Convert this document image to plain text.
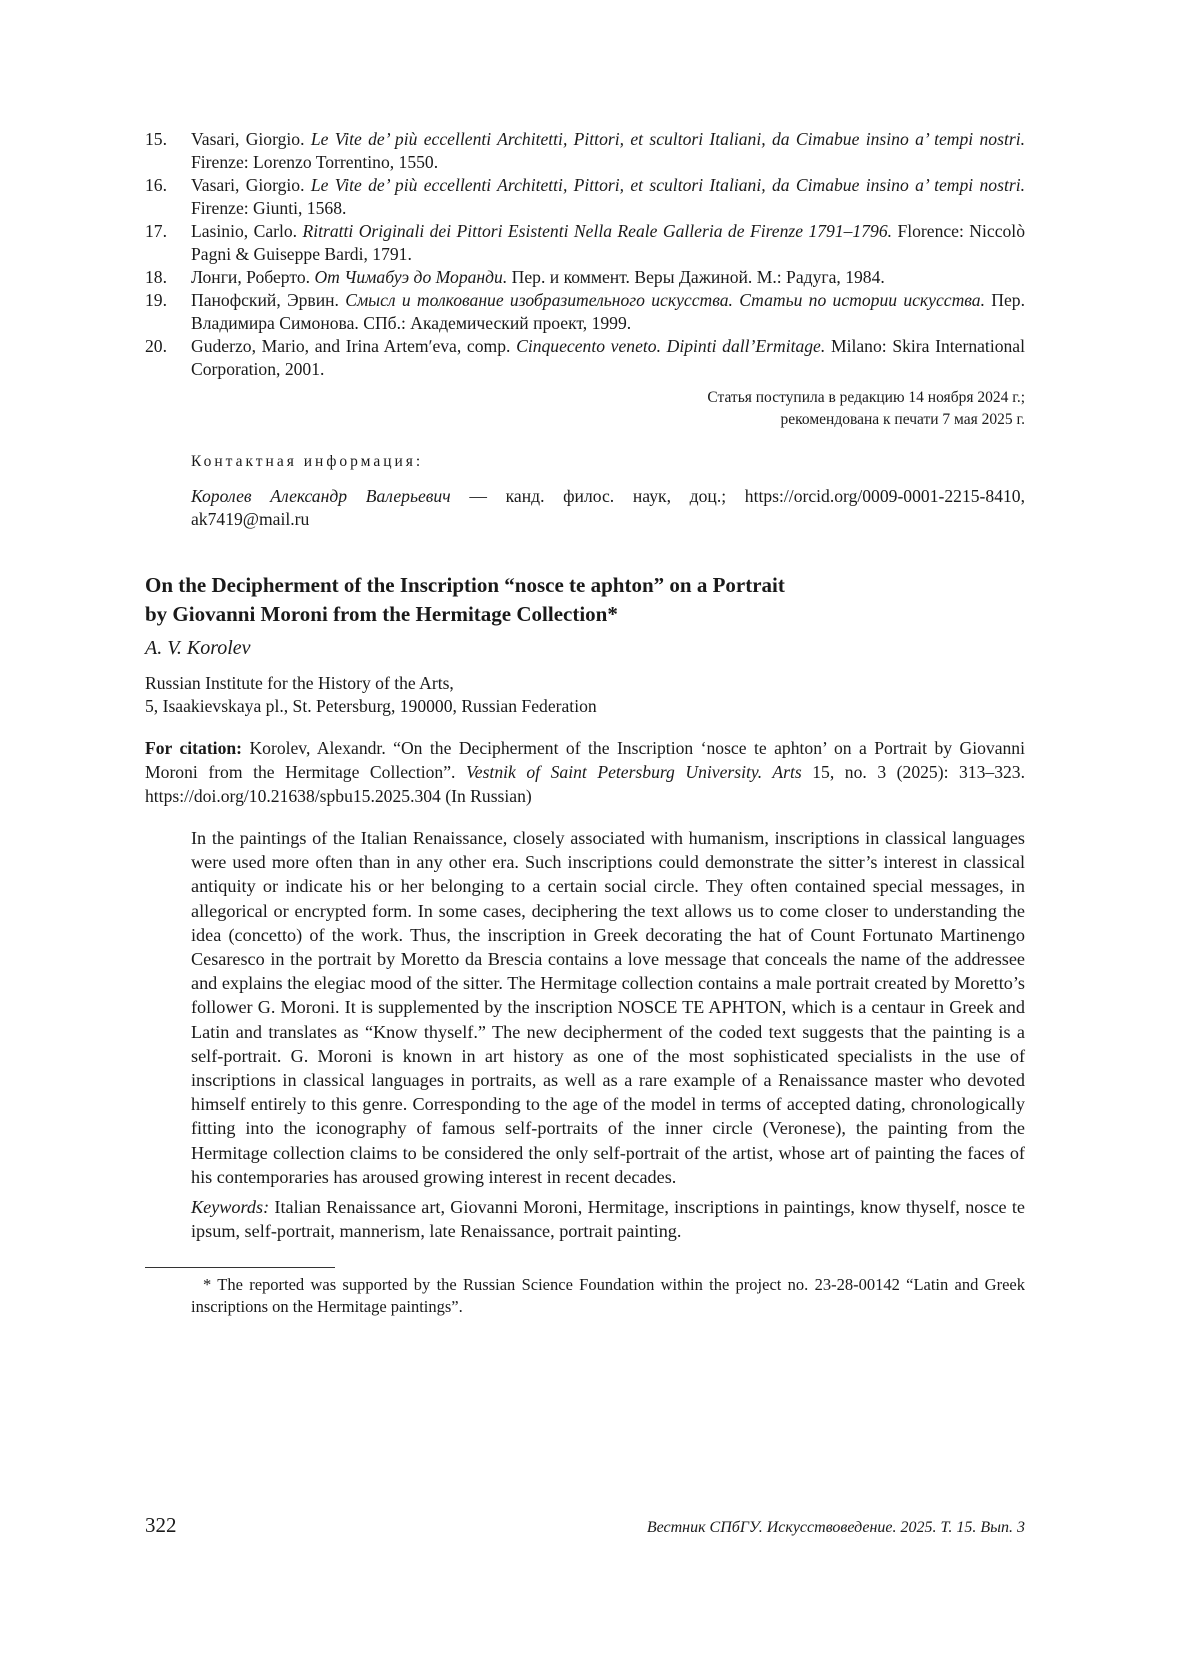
15.	Vasari, Giorgio. Le Vite de’ più eccellenti Architetti, Pittori, et scultori Italiani, da Cimabue insino a’ tempi nostri. Firenze: Lorenzo Torrentino, 1550.
16.	Vasari, Giorgio. Le Vite de’ più eccellenti Architetti, Pittori, et scultori Italiani, da Cimabue insino a’ tempi nostri. Firenze: Giunti, 1568.
17.	Lasinio, Carlo. Ritratti Originali dei Pittori Esistenti Nella Reale Galleria de Firenze 1791–1796. Florence: Niccolò Pagni & Guiseppe Bardi, 1791.
18.	Лонги, Роберто. От Чимабуэ до Моранди. Пер. и коммент. Веры Дажиной. М.: Радуга, 1984.
19.	Панофский, Эрвин. Смысл и толкование изобразительного искусства. Статьи по истории искусства. Пер. Владимира Симонова. СПб.: Академический проект, 1999.
20.	Guderzo, Mario, and Irina Artemʹeva, comp. Cinquecento veneto. Dipinti dall’Ermitage. Milano: Skira International Corporation, 2001.
Статья поступила в редакцию 14 ноября 2024 г.;
рекомендована к печати 7 мая 2025 г.
Контактная информация:
Королев Александр Валерьевич — канд. филос. наук, доц.; https://orcid.org/0009-0001-2215-8410, ak7419@mail.ru
On the Decipherment of the Inscription “nosce te aphton” on a Portrait
by Giovanni Moroni from the Hermitage Collection*
A. V. Korolev
Russian Institute for the History of the Arts,
5, Isaakievskaya pl., St. Petersburg, 190000, Russian Federation
For citation: Korolev, Alexandr. “On the Decipherment of the Inscription ‘nosce te aphton’ on a Portrait by Giovanni Moroni from the Hermitage Collection”. Vestnik of Saint Petersburg University. Arts 15, no. 3 (2025): 313–323. https://doi.org/10.21638/spbu15.2025.304 (In Russian)
In the paintings of the Italian Renaissance, closely associated with humanism, inscriptions in classical languages were used more often than in any other era. Such inscriptions could demonstrate the sitter’s interest in classical antiquity or indicate his or her belonging to a certain social circle. They often contained special messages, in allegorical or encrypted form. In some cases, deciphering the text allows us to come closer to understanding the idea (concetto) of the work. Thus, the inscription in Greek decorating the hat of Count Fortunato Martinengo Cesaresco in the portrait by Moretto da Brescia contains a love message that conceals the name of the addressee and explains the elegiac mood of the sitter. The Hermitage collection contains a male portrait created by Moretto’s follower G. Moroni. It is supplemented by the inscription NOSCE TE APHTON, which is a centaur in Greek and Latin and translates as “Know thyself.” The new decipherment of the coded text suggests that the painting is a self-portrait. G. Moroni is known in art history as one of the most sophisticated specialists in the use of inscriptions in classical languages in portraits, as well as a rare example of a Renaissance master who devoted himself entirely to this genre. Corresponding to the age of the model in terms of accepted dating, chronologically fitting into the iconography of famous self-portraits of the inner circle (Veronese), the painting from the Hermitage collection claims to be considered the only self-portrait of the artist, whose art of painting the faces of his contemporaries has aroused growing interest in recent decades.
Keywords: Italian Renaissance art, Giovanni Moroni, Hermitage, inscriptions in paintings, know thyself, nosce te ipsum, self-portrait, mannerism, late Renaissance, portrait painting.
* The reported was supported by the Russian Science Foundation within the project no. 23-28-00142 “Latin and Greek inscriptions on the Hermitage paintings”.
322	Вестник СПбГУ. Искусствоведение. 2025. Т. 15. Вып. 3
